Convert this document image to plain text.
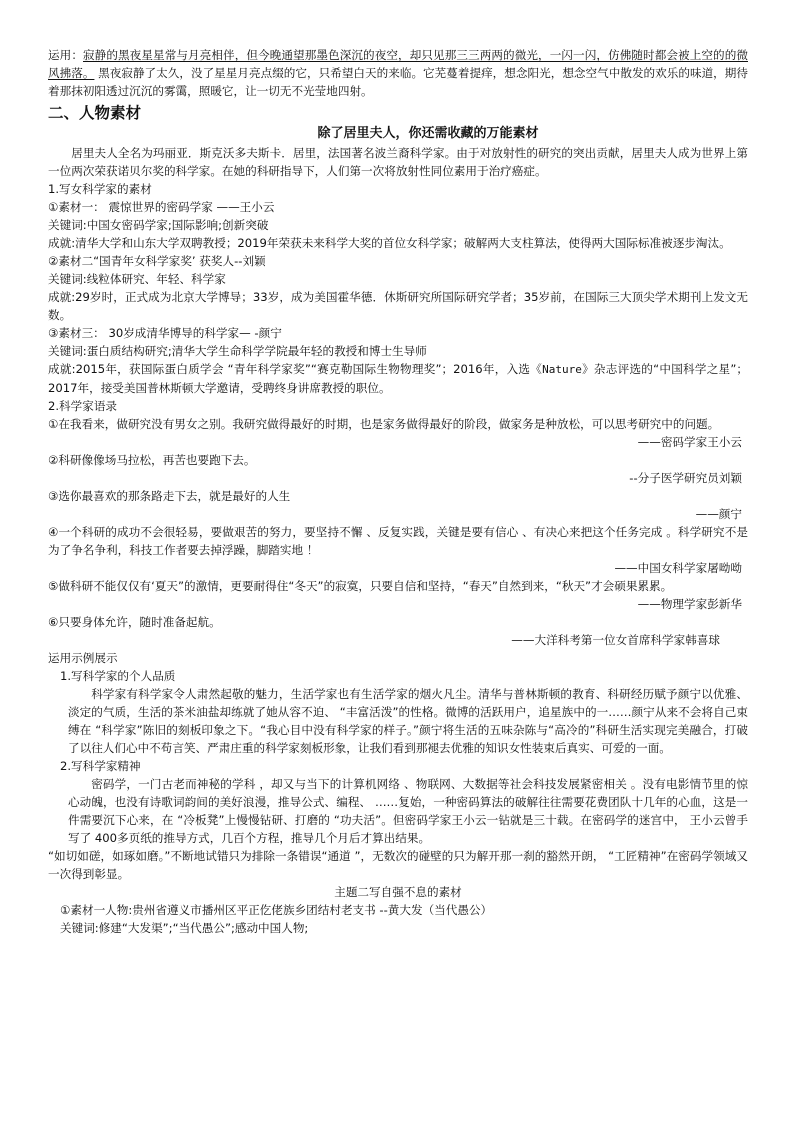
运用：寂静的黑夜星星常与月亮相伴，但今晚通望那墨色深沉的夜空，却只见那三三两两的微光，一闪一闪，仿佛随时都会被上空的的微风拂落。 黑夜寂静了太久，没了星星月亮点缀的它，只希望白天的来临。它芜蔓着提痒，想念阳光，想念空气中散发的欢乐的味道，期待着那抹初阳透过沉沉的雾霭，照暖它，让一切无不光莹地四射。

二、人物素材

除了居里夫人，你还需收藏的万能素材

居里夫人全名为玛丽亚．斯克沃多夫斯卡．居里，法国著名波兰裔科学家。由于对放射性的研究的突出贡献，居里夫人成为世界上第一位两次荣获诺贝尔奖的科学家。在她的科研指导下，人们第一次将放射性同位素用于治疗癌症。

1.写女科学家的素材

①素材一： 震惊世界的密码学家 ——王小云

关键词:中国女密码学家;国际影响;创新突破

成就:清华大学和山东大学双聘教授；2019年荣获未来科学大奖的首位女科学家；破解两大支柱算法，使得两大国际标准被逐步淘汰。

②素材二“国青年女科学家奖’ 获奖人--刘颖

关键词:线粒体研究、年轻、科学家

成就:29岁时，正式成为北京大学博导；33岁，成为美国霍华德．休斯研究所国际研究学者；35岁前，在国际三大顶尖学术期刊上发文无数。

③素材三： 30岁成清华博导的科学家— -颜宁

关键词:蛋白质结构研究;清华大学生命科学学院最年轻的教授和博士生导师

成就:2015年，获国际蛋白质学会 “青年科学家奖”“赛克勒国际生物物理奖”；2016年，入选《Nature》杂志评选的“中国科学之星”；2017年，接受美国普林斯顿大学邀请，受聘终身讲席教授的职位。

2.科学家语录

①在我看来，做研究没有男女之别。我研究做得最好的时期，也是家务做得最好的阶段，做家务是种放松，可以思考研究中的问题。

——密码学家王小云

②科研像像场马拉松，再苦也要跑下去。

--分子医学研究员刘颖

③选你最喜欢的那条路走下去，就是最好的人生

——颜宁

④一个科研的成功不会很轻易，要做艰苦的努力，要坚持不懈 、反复实践，关键是要有信心 、有决心来把这个任务完成 。科学研究不是为了争名争利，科技工作者要去掉浮躁，脚踏实地 ！

——中国女科学家屠呦呦

⑤做科研不能仅仅有‘夏天”的激情，更要耐得住“冬天”的寂寞，只要自信和坚持，“春天”自然到来，“秋天”才会硕果累累。

——物理学家彭新华

⑥只要身体允许，随时准备起航。

——大洋科考第一位女首席科学家韩喜球

运用示例展示

1.写科学家的个人品质

科学家有科学家令人肃然起敬的魅力，生活学家也有生活学家的烟火凡尘。清华与普林斯顿的教育、科研经历赋予颜宁以优雅、淡定的气质，生活的茶米油盐却练就了她从容不迫、 “丰富活泼”的性格。微博的活跃用户，追星族中的一……颜宁从来不会将自己束缚在 “科学家”陈旧的刻板印象之下。“我心目中没有科学家的样子。”颜宁将生活的五味杂陈与“高冷的”科研生活实现完美融合，打破了以往人们心中不苟言笑、严肃庄重的科学家刻板形象，让我们看到那褪去优雅的知识女性装束后真实、可爱的一面。

2.写科学家精神

密码学，一门古老而神秘的学科 ，却又与当下的计算机网络 、物联网、大数据等社会科技发展紧密相关 。没有电影情节里的惊心动魄，也没有诗歌词韵间的美好浪漫，推导公式、编程、 ……复始，一种密码算法的破解往往需要花费团队十几年的心血，这是一件需要沉下心来，在 “冷板凳”上慢慢钻研、打磨的 “功夫活”。但密码学家王小云一钻就是三十载。在密码学的迷宫中， 王小云曾手写了 400多页纸的推导方式，几百个方程，推导几个月后才算出结果。

“如切如磋，如琢如磨。”不断地试错只为排除一条错误“通道 ”，无数次的碰壁的只为解开那一刹的豁然开朗， “工匠精神”在密码学领域又一次得到彰显。

主题二写自强不息的素材

①素材一人物:贵州省遵义市播州区平正仡佬族乡团结村老支书 --黄大发（当代愚公）

关键词:修建“大发渠”;“当代愚公”;感动中国人物;
